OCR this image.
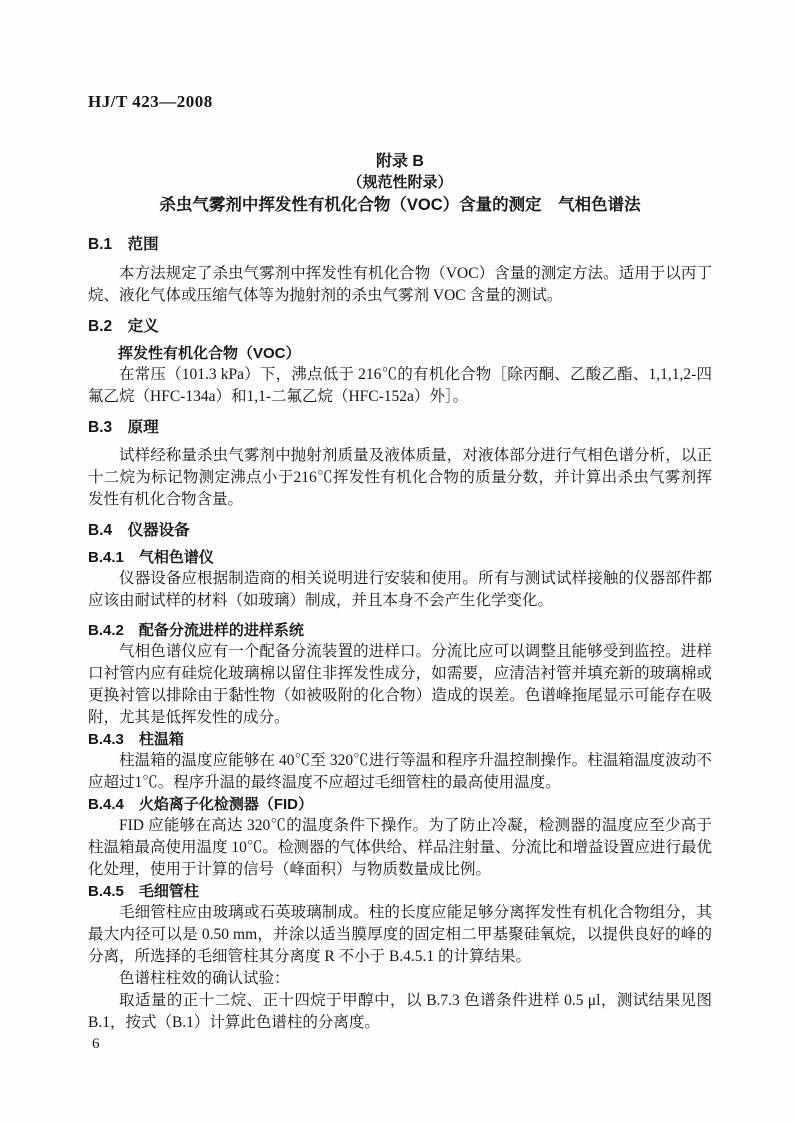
HJ/T 423—2008
附录 B
（规范性附录）
杀虫气雾剂中挥发性有机化合物（VOC）含量的测定　气相色谱法
B.1　范围

本方法规定了杀虫气雾剂中挥发性有机化合物（VOC）含量的测定方法。适用于以丙丁烷、液化气体或压缩气体等为抛射剂的杀虫气雾剂 VOC 含量的测试。

B.2　定义
挥发性有机化合物（VOC）

在常压（101.3 kPa）下，沸点低于 216℃的有机化合物［除丙酮、乙酸乙酯、1,1,1,2-四氟乙烷（HFC-134a）和1,1-二氟乙烷（HFC-152a）外］。

B.3　原理

试样经称量杀虫气雾剂中抛射剂质量及液体质量，对液体部分进行气相色谱分析，以正十二烷为标记物测定沸点小于216℃挥发性有机化合物的质量分数，并计算出杀虫气雾剂挥发性有机化合物含量。

B.4　仪器设备
B.4.1　气相色谱仪

仪器设备应根据制造商的相关说明进行安装和使用。所有与测试试样接触的仪器部件都应该由耐试样的材料（如玻璃）制成，并且本身不会产生化学变化。

B.4.2　配备分流进样的进样系统

气相色谱仪应有一个配备分流装置的进样口。分流比应可以调整且能够受到监控。进样口衬管内应有硅烷化玻璃棉以留住非挥发性成分，如需要，应清洁衬管并填充新的玻璃棉或更换衬管以排除由于黏性物（如被吸附的化合物）造成的误差。色谱峰拖尾显示可能存在吸附，尤其是低挥发性的成分。

B.4.3　柱温箱

柱温箱的温度应能够在 40℃至 320℃进行等温和程序升温控制操作。柱温箱温度波动不应超过1℃。程序升温的最终温度不应超过毛细管柱的最高使用温度。

B.4.4　火焰离子化检测器（FID）

FID 应能够在高达 320℃的温度条件下操作。为了防止冷凝，检测器的温度应至少高于柱温箱最高使用温度 10℃。检测器的气体供给、样品注射量、分流比和增益设置应进行最优化处理，使用于计算的信号（峰面积）与物质数量成比例。

B.4.5　毛细管柱

毛细管柱应由玻璃或石英玻璃制成。柱的长度应能足够分离挥发性有机化合物组分，其最大内径可以是 0.50 mm，并涂以适当膜厚度的固定相二甲基聚硅氧烷，以提供良好的峰的分离，所选择的毛细管柱其分离度 R 不小于 B.4.5.1 的计算结果。

色谱柱柱效的确认试验：

取适量的正十二烷、正十四烷于甲醇中，以 B.7.3 色谱条件进样 0.5 μl，测试结果见图 B.1，按式（B.1）计算此色谱柱的分离度。

6
